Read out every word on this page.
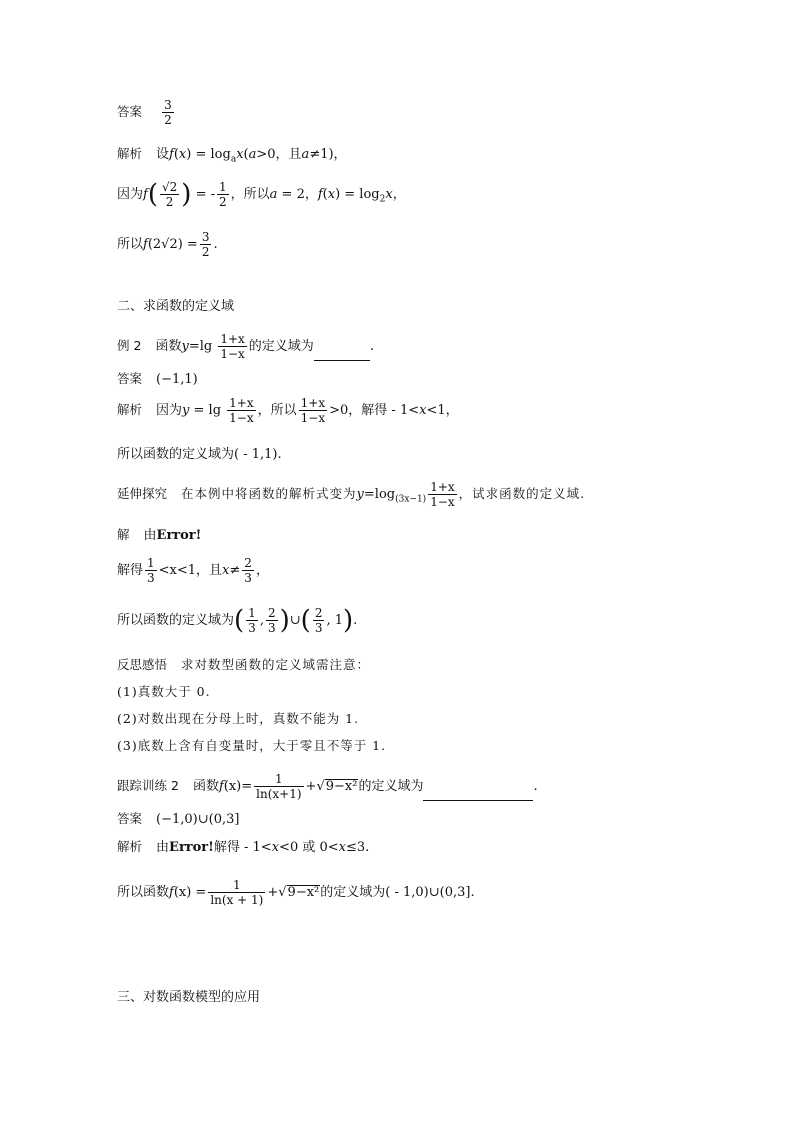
答案 $\frac{3}{2}$
解析 设$f(x) = \log_ax(a>0$，且a≠1)，
因为$f( \frac{√2}{2}$ ) = - $\frac{1}{2}$ ，所以a = 2，$f(x) = \log_2x$，
所以$f(2√2) = \frac{3}{2}$ .
二、求函数的定义域
例 2 函数$y=\lg \frac{1+x}{1-x}$ 的定义域为	.
答案 (−1,1)
解析 因为$y = \lg \frac{1+x}{1-x}$ ，所以 $\frac{1+x}{1-x} >0$，解得 - 1<x<1，
所以函数的定义域为( - 1,1).
延伸探究 在本例中将函数的解析式变为$y=\log_{(3x-1)} \frac{1+x}{1-x}$ ，试求函数的定义域.
解 由Error!
解得 $\frac{1}{3} <x<1$，且$x\ne \frac{2}{3}$ ，
所以函数的定义域为( $\frac{1}{3}$ , $\frac{2}{3}$ )∪( $\frac{2}{3}$ , 1).
反思感悟 求对数型函数的定义域需注意：
(1)真数大于 0.
(2)对数出现在分母上时，真数不能为 1.
(3)底数上含有自变量时，大于零且不等于 1.
跟踪训练 2 函数$f(x)= \frac{1}{\ln(x+1)} +√9-x^2$的定义域为	.
答案 (−1,0)∪(0,3]
解析 由Error!解得 - 1<x<0 或 0<x≤3.
所以函数$f(x) = \frac{1}{\ln(x + 1)} +√9-x^2$的定义域为( - 1,0)∪(0,3].
三、对数函数模型的应用
